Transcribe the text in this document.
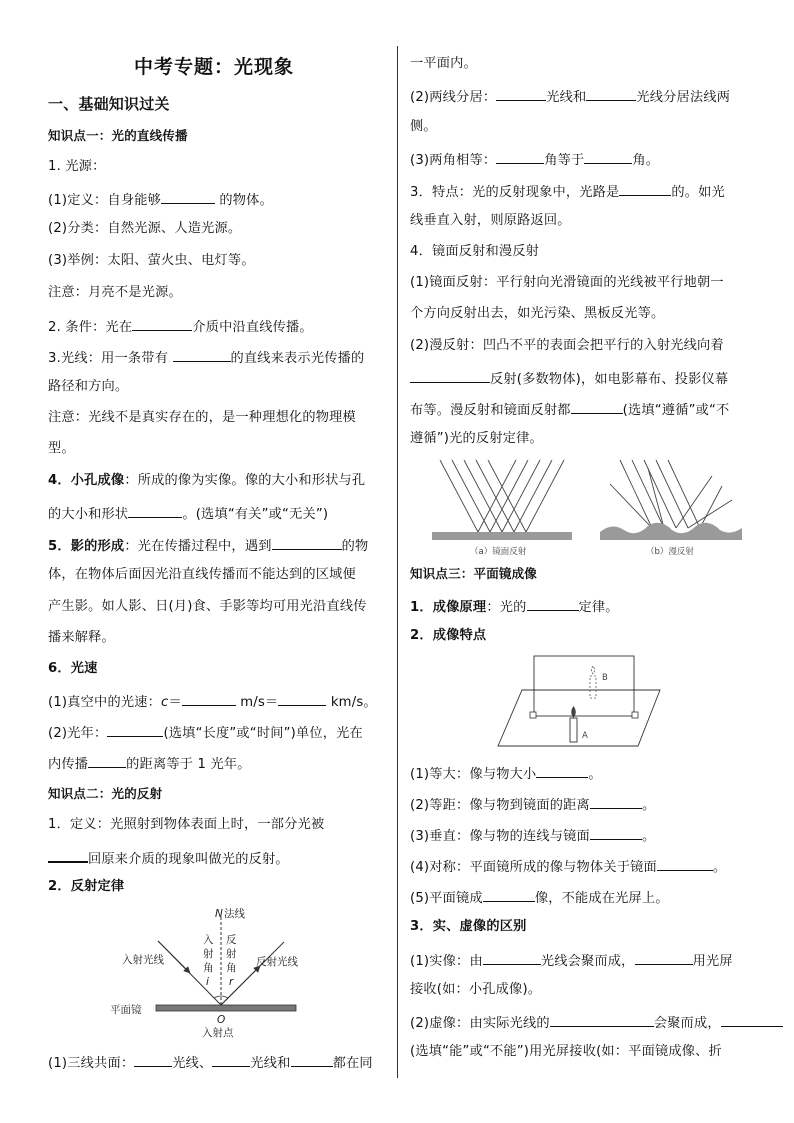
中考专题：光现象
一、基础知识过关
知识点一：光的直线传播
1. 光源：
(1)定义：自身能够	的物体。
(2)分类：自然光源、人造光源。
(3)举例：太阳、萤火虫、电灯等。
注意：月亮不是光源。
2. 条件：光在	介质中沿直线传播。
3.光线：用一条带有	的直线来表示光传播的
路径和方向。
注意：光线不是真实存在的，是一种理想化的物理模
型。
4．小孔成像：所成的像为实像。像的大小和形状与孔
的大小和形状	。(选填“有关”或“无关”)
5．影的形成：光在传播过程中，遇到	的物
体，在物体后面因光沿直线传播而不能达到的区域便
产生影。如人影、日(月)食、手影等均可用光沿直线传
播来解释。
6．光速
(1)真空中的光速：c＝	m/s＝	km/s。
(2)光年：	(选填“长度”或“时间”)单位，光在
内传播	的距离等于 1 光年。
知识点二：光的反射
1．定义：光照射到物体表面上时，一部分光被
回原来介质的现象叫做光的反射。
2．反射定律
N 法线
入射光线	反射光线
入
射
角
i
反
射
角
r
平面镜
O
入射点
(1)三线共面：	光线、	光线和	都在同
一平面内。
(2)两线分居：	光线和	光线分居法线两
侧。
(3)两角相等：	角等于	角。
3．特点：光的反射现象中，光路是	的。如光
线垂直入射，则原路返回。
4．镜面反射和漫反射
(1)镜面反射：平行射向光滑镜面的光线被平行地朝一
个方向反射出去，如光污染、黑板反光等。
(2)漫反射：凹凸不平的表面会把平行的入射光线向着
反射(多数物体)，如电影幕布、投影仪幕
布等。漫反射和镜面反射都	(选填“遵循”或“不
遵循”)光的反射定律。
（a）镜面反射	（b）漫反射
知识点三：平面镜成像
1．成像原理：光的	定律。
2．成像特点
B
A
(1)等大：像与物大小	。
(2)等距：像与物到镜面的距离	。
(3)垂直：像与物的连线与镜面	。
(4)对称：平面镜所成的像与物体关于镜面	。
(5)平面镜成	像，不能成在光屏上。
3．实、虚像的区别
(1)实像：由	光线会聚而成，	用光屏
接收(如：小孔成像)。
(2)虚像：由实际光线的	会聚而成，
(选填“能”或“不能”)用光屏接收(如：平面镜成像、折
